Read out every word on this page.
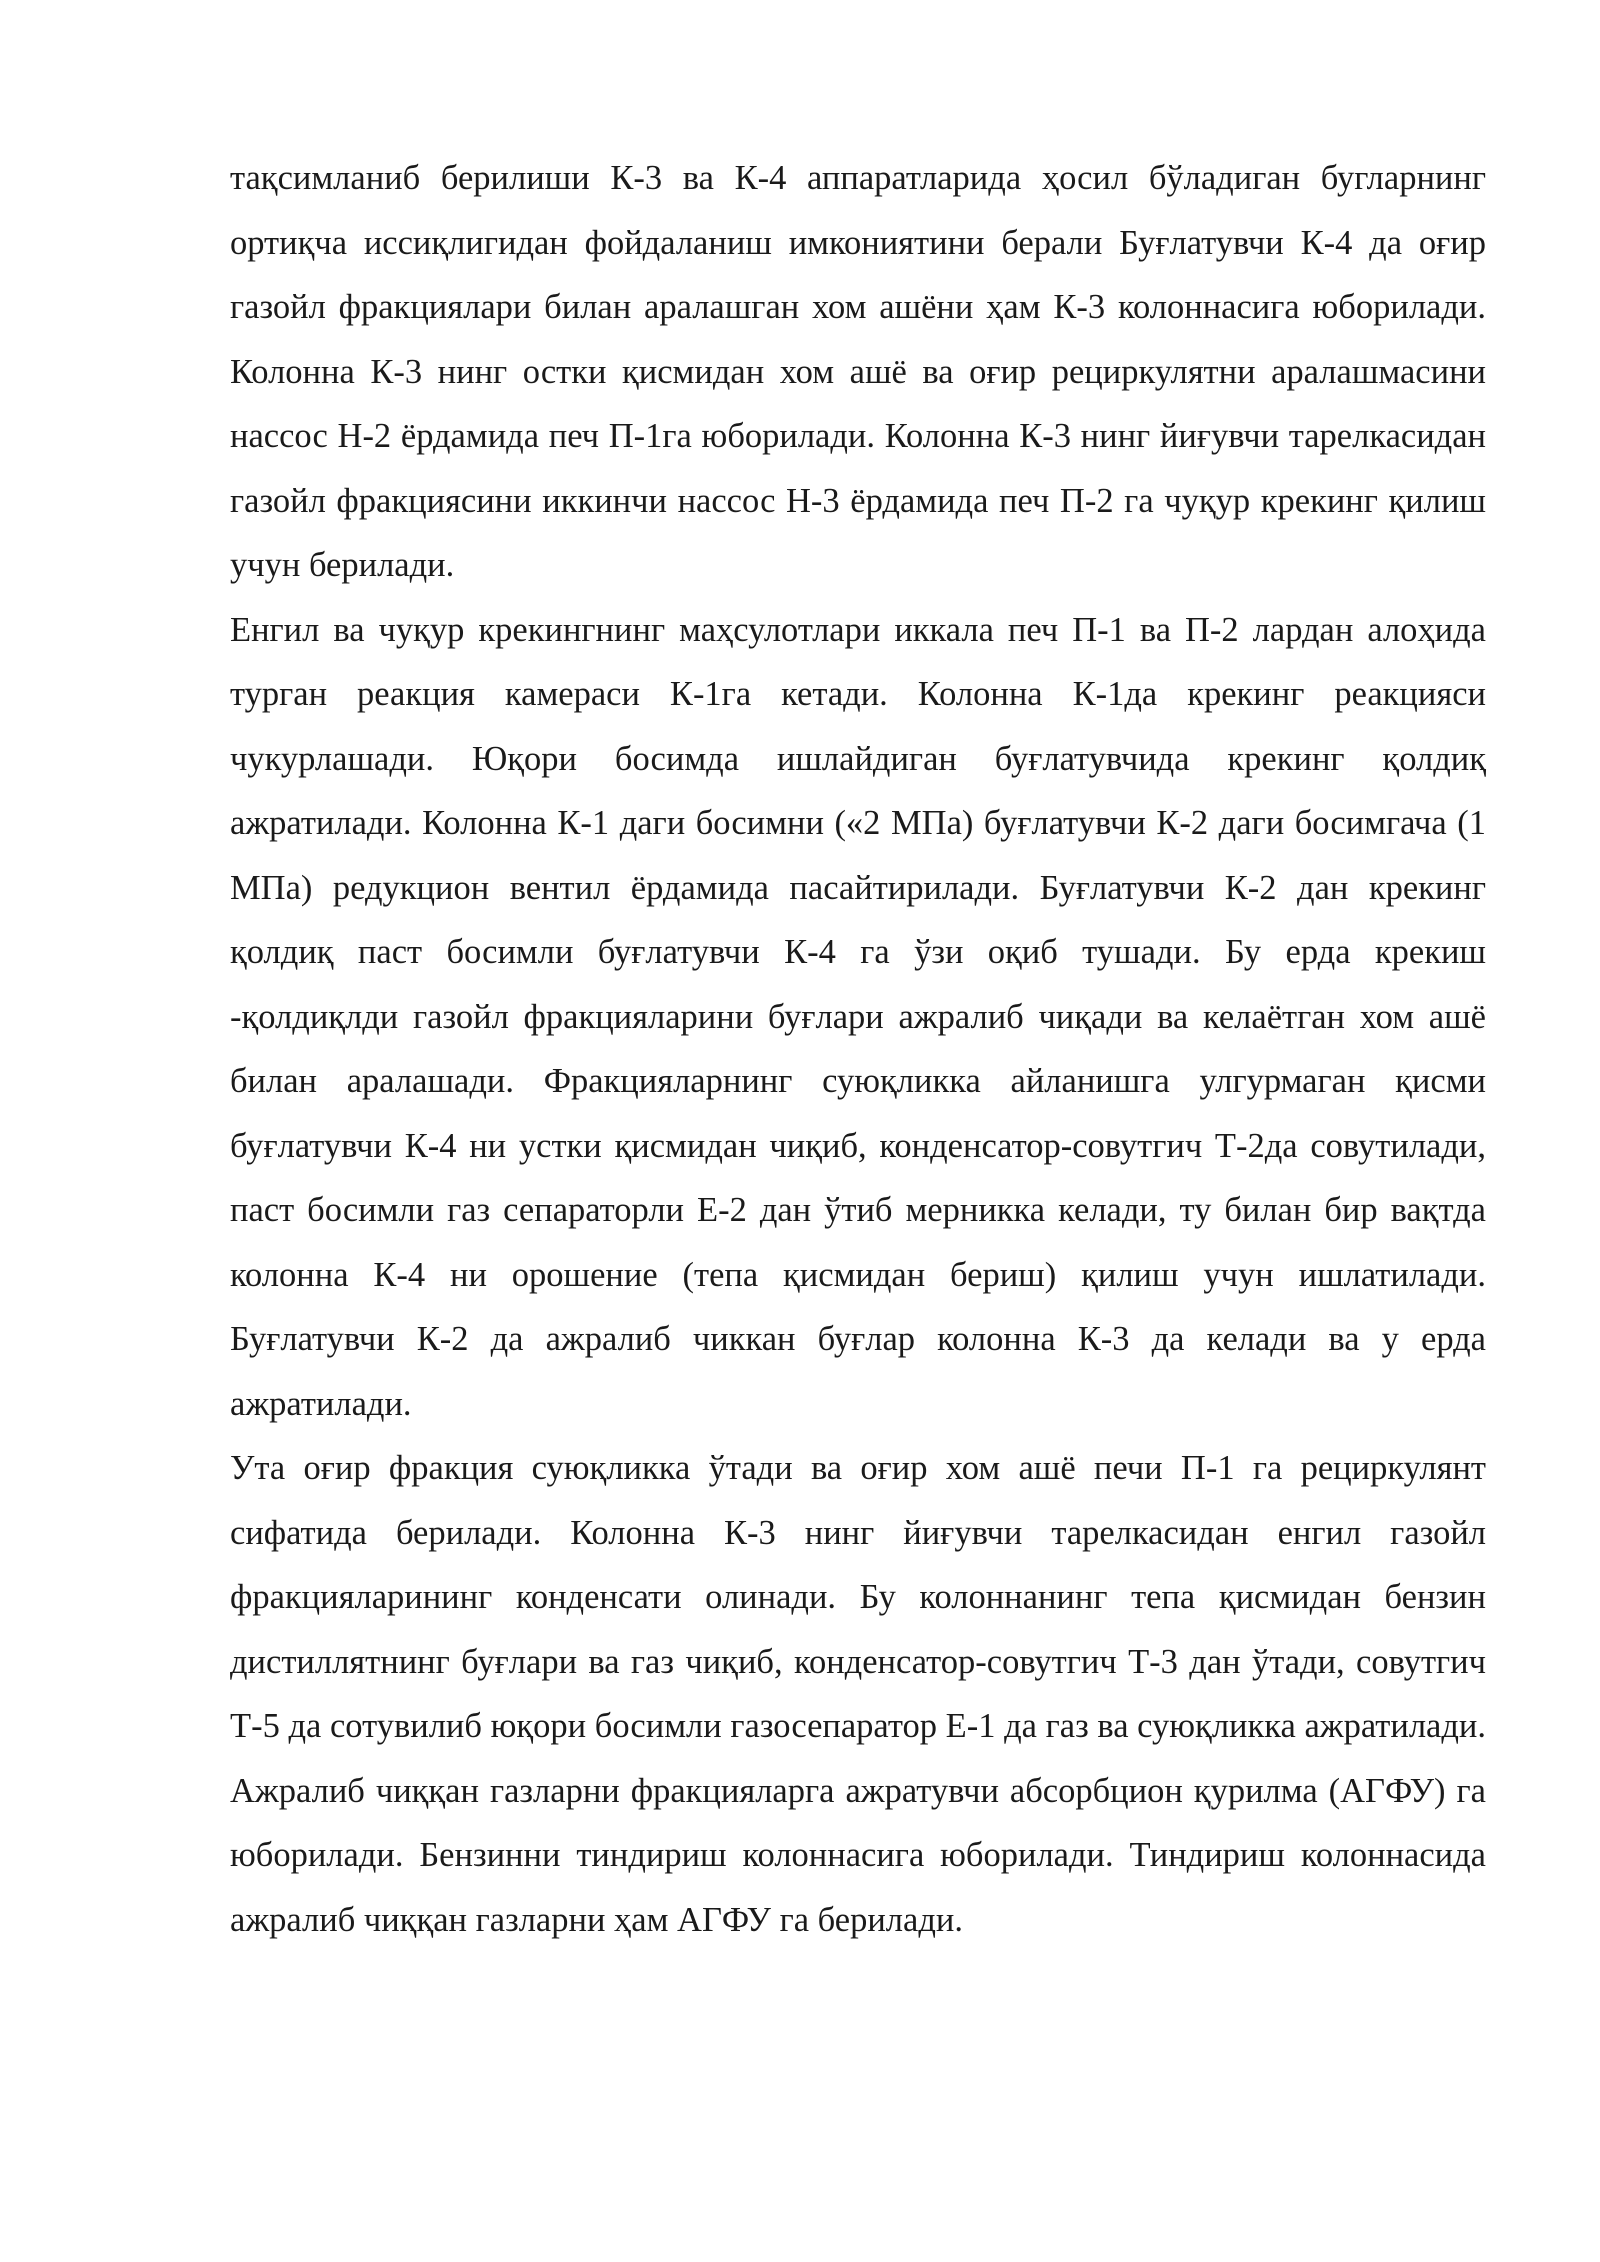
тақсимланиб берилиши К-3 ва К-4 аппаратларида ҳосил бўладиган бугларнинг ортиқча иссиқлигидан фойдаланиш имкониятини берали Буғлатувчи К-4 да оғир газойл фракциялари билан аралашган хом ашёни ҳам К-3 колоннасига юборилади. Колонна К-3 нинг остки қисмидан хом ашё ва оғир рециркулятни аралашмасини нассос Н-2 ёрдамида печ П-1га юборилади. Колонна К-3 нинг йиғувчи тарелкасидан газойл фракциясини иккинчи нассос Н-3 ёрдамида печ П-2 га чуқур крекинг қилиш учун берилади.

Енгил ва чуқур крекингнинг маҳсулотлари иккала печ П-1 ва П-2 лардан алоҳида турган реакция камераси К-1га кетади. Колонна К-1да крекинг реакцияси чукурлашади. Юқори босимда ишлайдиган буғлатувчида крекинг қолдиқ ажратилади. Колонна К-1 даги босимни («2 МПа) буғлатувчи К-2 даги босимгача (1 МПа) редукцион вентил ёрдамида пасайтирилади. Буғлатувчи К-2 дан крекинг қолдиқ паст босимли буғлатувчи К-4 га ўзи оқиб тушади. Бу ерда крекиш -қолдиқлди газойл фракцияларини буғлари ажралиб чиқади ва келаётган хом ашё билан аралашади. Фракцияларнинг суюқликка айланишга улгурмаган қисми буғлатувчи К-4 ни устки қисмидан чиқиб, конденсатор-совутгич Т-2да совутилади, паст босимли газ сепараторли Е-2 дан ўтиб мерникка келади, ту билан бир вақтда колонна К-4 ни орошение (тепа қисмидан бериш) қилиш учун ишлатилади. Буғлатувчи К-2 да ажралиб чиккан буғлар колонна К-3 да келади ва у ерда ажратилади.

Ута оғир фракция суюқликка ўтади ва оғир хом ашё печи П-1 га рециркулянт сифатида берилади. Колонна К-3 нинг йиғувчи тарелкасидан енгил газойл фракцияларининг конденсати олинади. Бу колоннанинг тепа қисмидан бензин дистиллятнинг буғлари ва газ чиқиб, конденсатор-совутгич Т-3 дан ўтади, совутгич Т-5 да сотувилиб юқори босимли газосепаратор Е-1 да газ ва суюқликка ажратилади. Ажралиб чиққан газларни фракцияларга ажратувчи абсорбцион қурилма (АГФУ) га юборилади. Бензинни тиндириш колоннасига юборилади. Тиндириш колоннасида ажралиб чиққан газларни ҳам АГФУ га берилади.
